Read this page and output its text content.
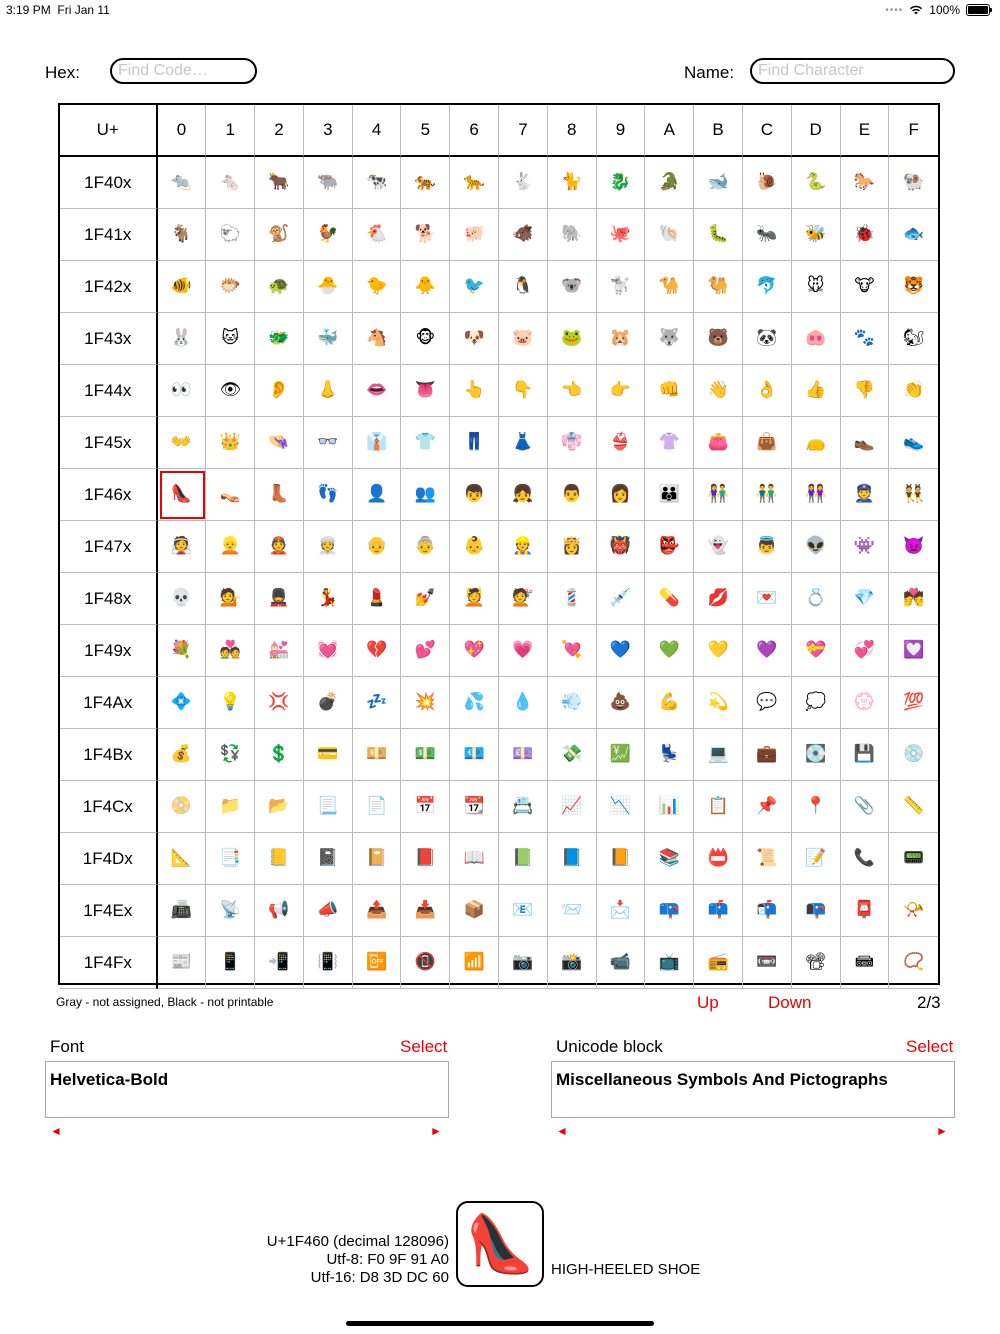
3:19 PM Fri Jan 11	•••• 100%
Hex:
Find Code…	Name:
Find Character
U+	0	1	2	3	4	5	6	7	8	9	A	B	C	D	E	F
1F40x	🐀 🐁 🐂 🐃 🐄 🐅 🐆 🐇 🐈 🐉 🐊 🐋 🐌 🐍 🐎 🐏
1F41x	🐐 🐑 🐒 🐓 🐔 🐕 🐖 🐗 🐘 🐙 🐚 🐛 🐜 🐝 🐞 🐟
1F42x	🐠 🐡 🐢 🐣 🐤 🐥 🐦 🐧 🐨 🐩 🐪 🐫 🐬 🐭 🐮 🐯
1F43x	🐰 🐱 🐲 🐳 🐴 🐵 🐶 🐷 🐸 🐹 🐺 🐻 🐼 🐽 🐾 🐿
1F44x	👀 👁 👂 👃 👄 👅 👆 👇 👈 👉 👊 👋 👌 👍 👎 👏
1F45x	👐 👑 👒 👓 👔 👕 👖 👗 👘 👙 👚 👛 👜 👝 👞 👟
1F46x	👠 👡 👢 👣 👤 👥 👦 👧 👨 👩 👪 👫 👬 👭 👮 👯
1F47x	👰 👱 👲 👳 👴 👵 👶 👷 👸 👹 👺 👻 👼 👽 👾 👿
1F48x	💀 💁 💂 💃 💄 💅 💆 💇 💈 💉 💊 💋 💌 💍 💎 💏
1F49x	💐 💑 💒 💓 💔 💕 💖 💗 💘 💙 💚 💛 💜 💝 💞 💟
1F4Ax	💠 💡 💢 💣 💤 💥 💦 💧 💨 💩 💪 💫 💬 💭 💮 💯
1F4Bx	💰 💱 💲 💳 💴 💵 💶 💷 💸 💹 💺 💻 💼 💽 💾 💿
1F4Cx	📀 📁 📂 📃 📄 📅 📆 📇 📈 📉 📊 📋 📌 📍 📎 📏
1F4Dx	📐 📑 📒 📓 📔 📕 📖 📗 📘 📙 📚 📛 📜 📝 📞 📟
1F4Ex	📠 📡 📢 📣 📤 📥 📦 📧 📨 📩 📪 📫 📬 📭 📮 📯
1F4Fx	📰 📱 📲 📳 📴 📵 📶 📷 📸 📹 📺 📻 📼 📽 📾 📿
Gray - not assigned, Black - not printable	Up	Down	2/3
Font	Select
Helvetica-Bold
◄	►
Unicode block	Select
Miscellaneous Symbols And Pictographs
◄	►
U+1F460 (decimal 128096)
Utf-8: F0 9F 91 A0
Utf-16: D8 3D DC 60
👠 HIGH-HEELED SHOE
